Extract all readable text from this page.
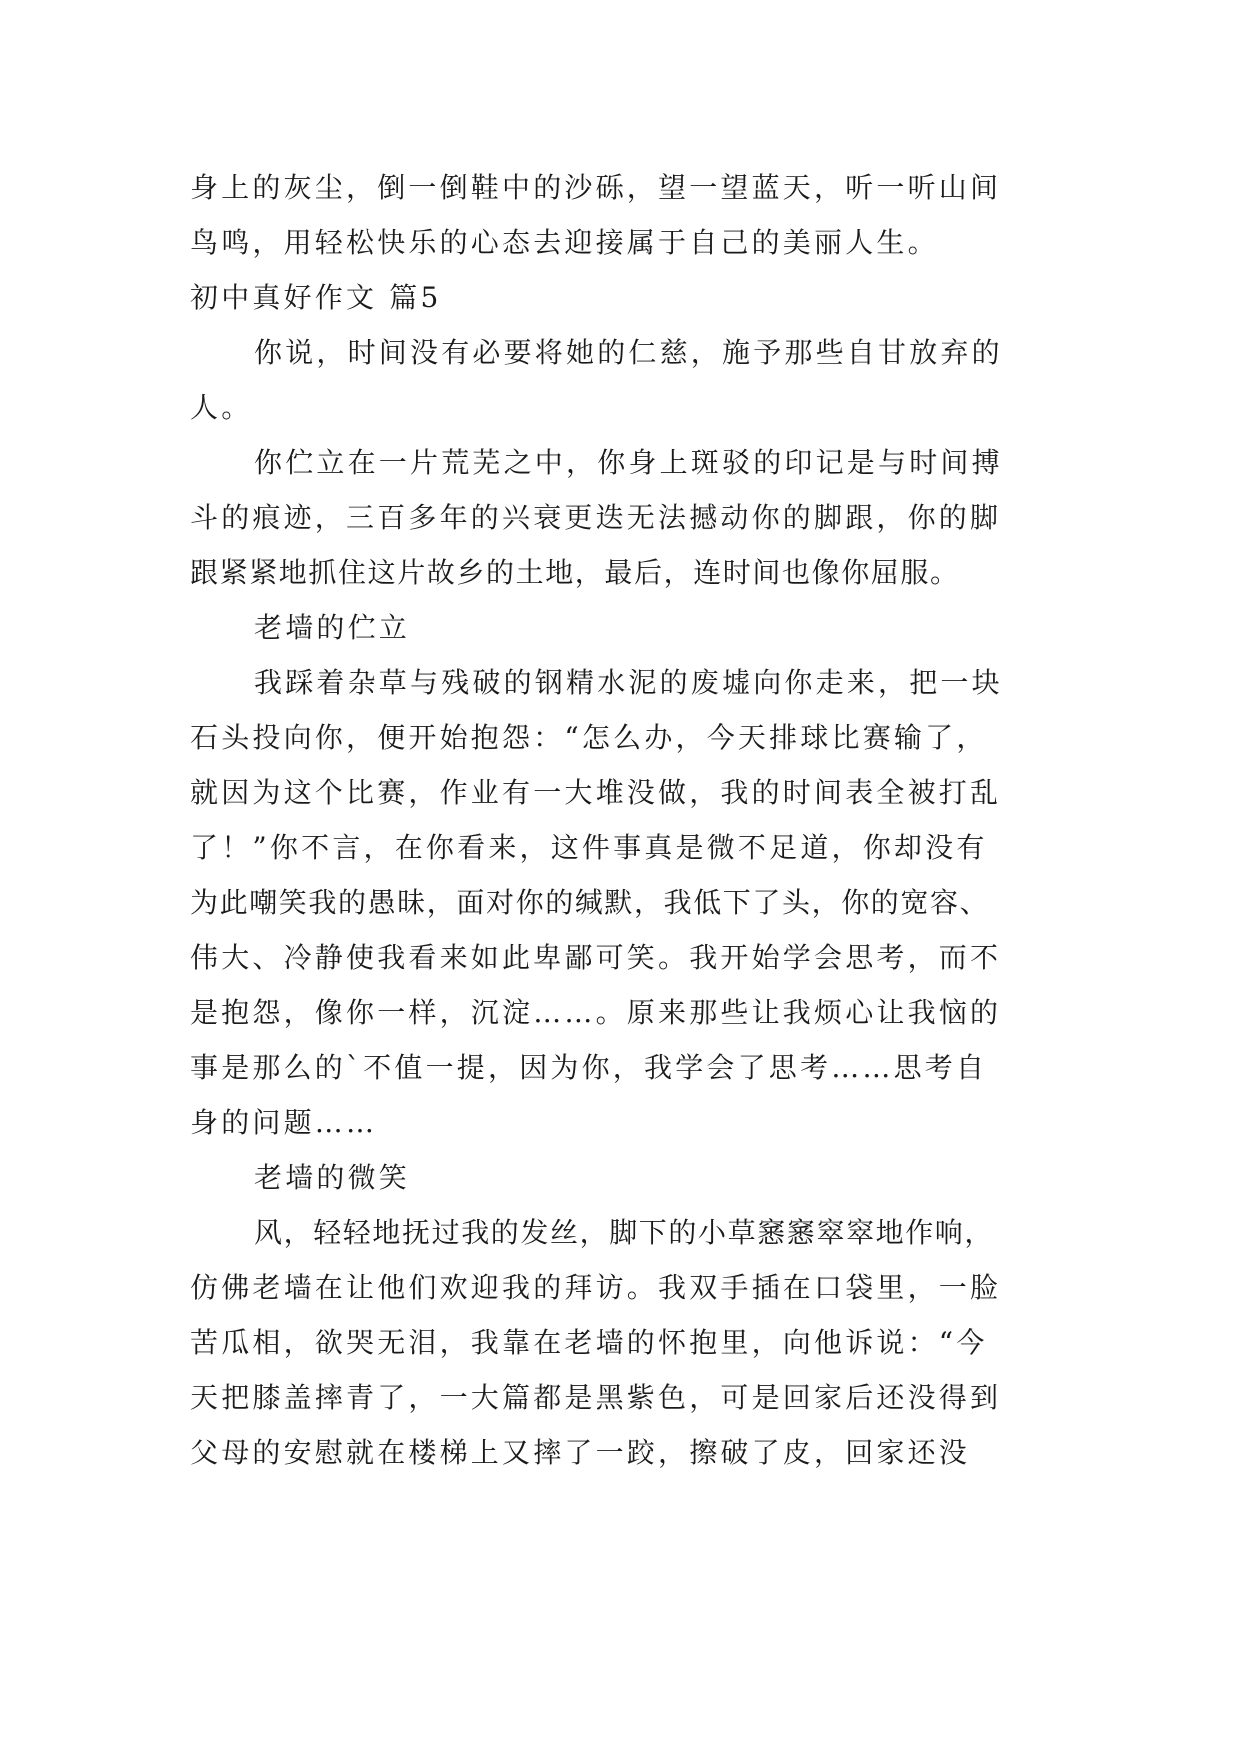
身上的灰尘，倒一倒鞋中的沙砾，望一望蓝天，听一听山间
鸟鸣，用轻松快乐的心态去迎接属于自己的美丽人生。
初中真好作文 篇5
你说，时间没有必要将她的仁慈，施予那些自甘放弃的
人。
你伫立在一片荒芜之中，你身上斑驳的印记是与时间搏
斗的痕迹，三百多年的兴衰更迭无法撼动你的脚跟，你的脚
跟紧紧地抓住这片故乡的土地，最后，连时间也像你屈服。
老墙的伫立
我踩着杂草与残破的钢精水泥的废墟向你走来，把一块
石头投向你，便开始抱怨：“怎么办，今天排球比赛输了，
就因为这个比赛，作业有一大堆没做，我的时间表全被打乱
了！”你不言，在你看来，这件事真是微不足道，你却没有
为此嘲笑我的愚昧，面对你的缄默，我低下了头，你的宽容、
伟大、冷静使我看来如此卑鄙可笑。我开始学会思考，而不
是抱怨，像你一样，沉淀……。原来那些让我烦心让我恼的
事是那么的`不值一提，因为你，我学会了思考……思考自
身的问题……
老墙的微笑
风，轻轻地抚过我的发丝，脚下的小草窸窸窣窣地作响，
仿佛老墙在让他们欢迎我的拜访。我双手插在口袋里，一脸
苦瓜相，欲哭无泪，我靠在老墙的怀抱里，向他诉说：“今
天把膝盖摔青了，一大篇都是黑紫色，可是回家后还没得到
父母的安慰就在楼梯上又摔了一跤，擦破了皮，回家还没
